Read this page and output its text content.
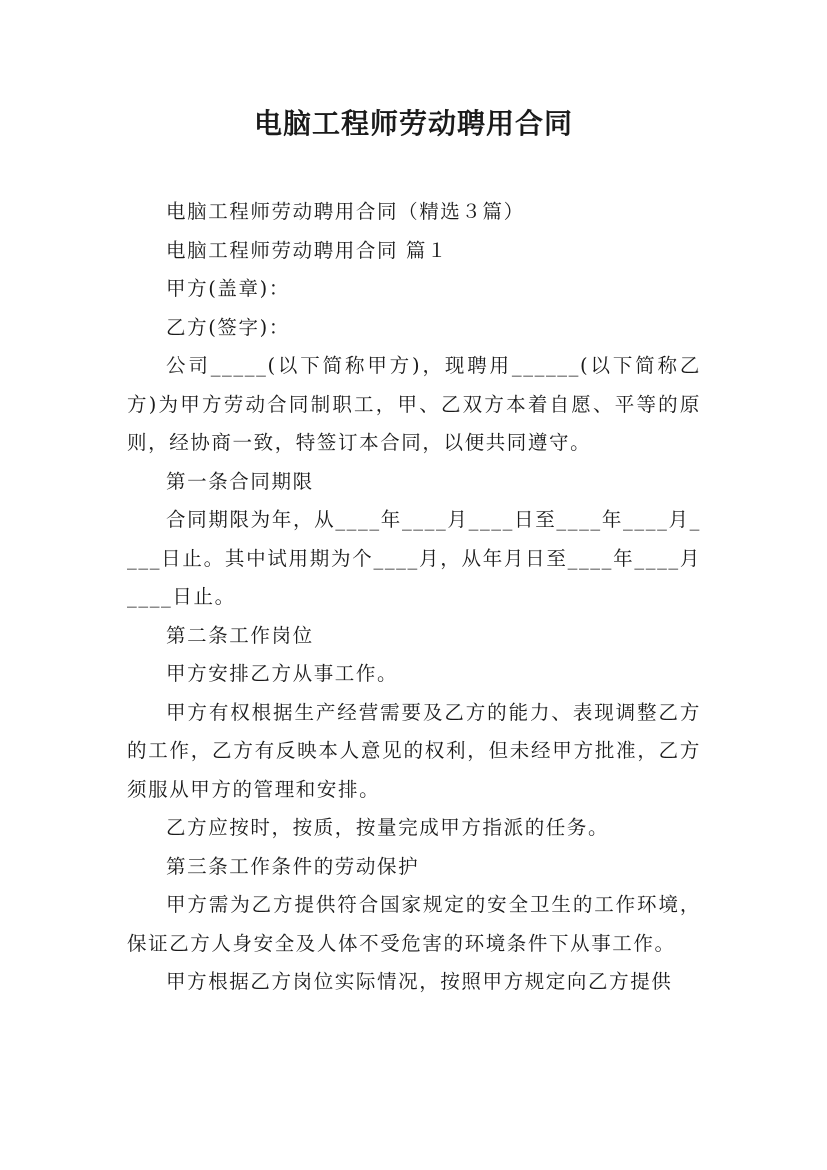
电脑工程师劳动聘用合同

电脑工程师劳动聘用合同（精选３篇）

电脑工程师劳动聘用合同 篇１

甲方(盖章)：

乙方(签字)：

公司_____(以下简称甲方)，现聘用______(以下简称乙方)为甲方劳动合同制职工，甲、乙双方本着自愿、平等的原则，经协商一致，特签订本合同，以便共同遵守。

第一条合同期限

合同期限为年，从____年____月____日至____年____月____日止。其中试用期为个____月，从年月日至____年____月____日止。

第二条工作岗位

甲方安排乙方从事工作。

甲方有权根据生产经营需要及乙方的能力、表现调整乙方的工作，乙方有反映本人意见的权利，但未经甲方批准，乙方须服从甲方的管理和安排。

乙方应按时，按质，按量完成甲方指派的任务。

第三条工作条件的劳动保护

甲方需为乙方提供符合国家规定的安全卫生的工作环境，保证乙方人身安全及人体不受危害的环境条件下从事工作。

甲方根据乙方岗位实际情况，按照甲方规定向乙方提供
